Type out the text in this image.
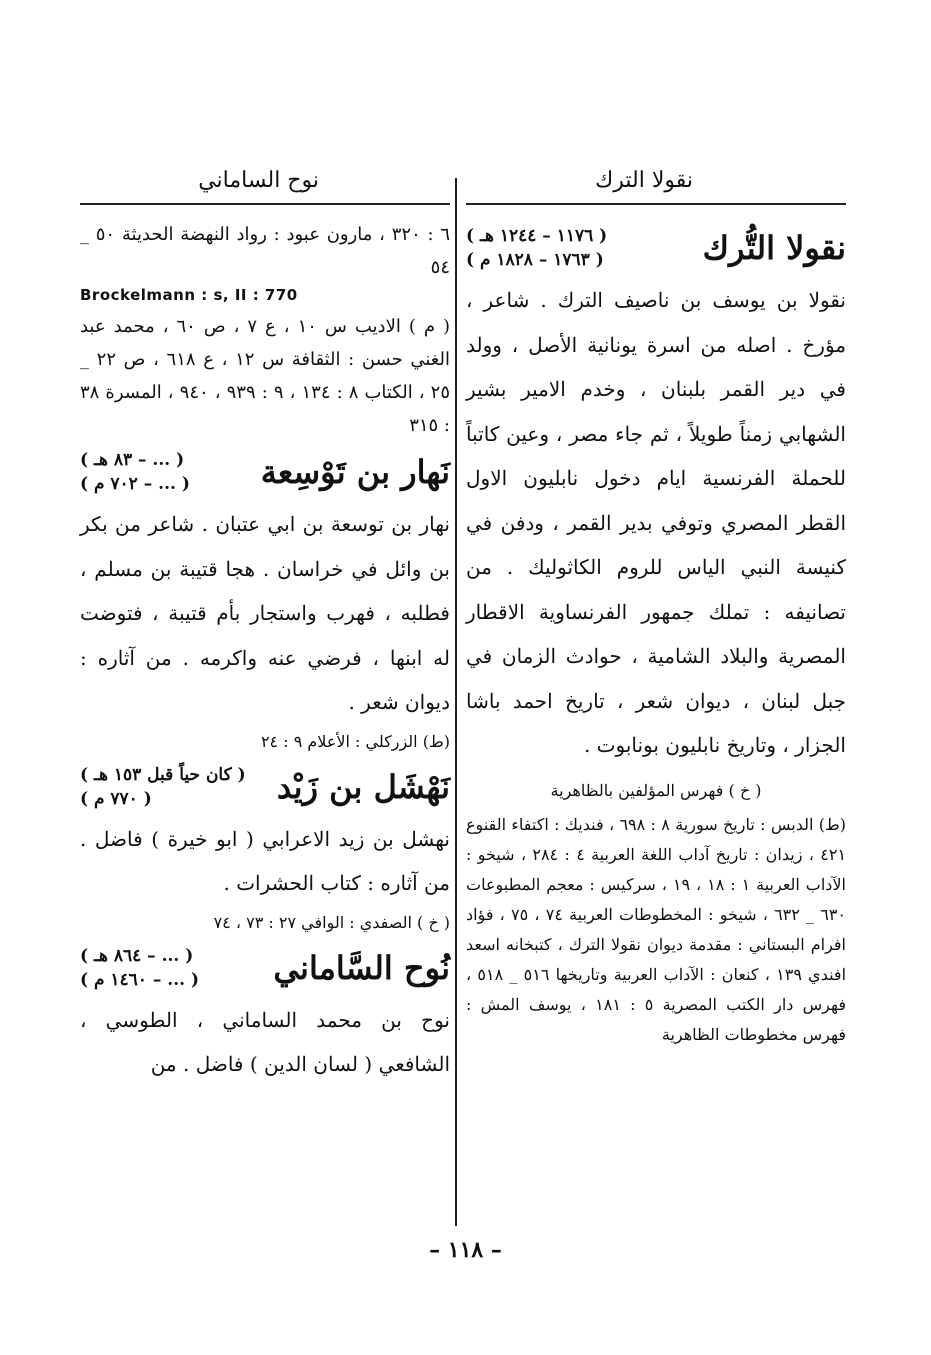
نقولا الترك
نوح الساماني
نقولا التُّرك
( ١١٧٦ – ١٢٤٤ هـ )
( ١٧٦٣ – ١٨٢٨ م )

نقولا بن يوسف بن ناصيف الترك . شاعر ، مؤرخ . اصله من اسرة يونانية الأصل ، وولد في دير القمر بلبنان ، وخدم الامير بشير الشهابي زمناً طويلاً ، ثم جاء مصر ، وعين كاتباً للحملة الفرنسية ايام دخول نابليون الاول القطر المصري وتوفي بدير القمر ، ودفن في كنيسة النبي الياس للروم الكاثوليك . من تصانيفه : تملك جمهور الفرنساوية الاقطار المصرية والبلاد الشامية ، حوادث الزمان في جبل لبنان ، ديوان شعر ، تاريخ احمد باشا الجزار ، وتاريخ نابليون بونابوت .

( خ ) فهرس المؤلفين بالظاهرية

(ط) الدبس : تاريخ سورية ٨ : ٦٩٨ ، فنديك : اكتفاء القنوع ٤٢١ ، زيدان : تاريخ آداب اللغة العربية ٤ : ٢٨٤ ، شيخو : الآداب العربية ١ : ١٨ ، ١٩ ، سركيس : معجم المطبوعات ٦٣٠ _ ٦٣٢ ، شيخو : المخطوطات العربية ٧٤ ، ٧٥ ، فؤاد افرام البستاني : مقدمة ديوان نقولا الترك ، كتبخانه اسعد افندي ١٣٩ ، كنعان : الآداب العربية وتاريخها ٥١٦ _ ٥١٨ ، فهرس دار الكتب المصرية ٥ : ١٨١ ، يوسف المش : فهرس مخطوطات الظاهرية

٦ : ٣٢٠ ، مارون عبود : رواد النهضة الحديثة ٥٠ _ ٥٤

Brockelmann : s, II : 770

( م ) الاديب س ١٠ ، ع ٧ ، ص ٦٠ ، محمد عبد الغني حسن : الثقافة س ١٢ ، ع ٦١٨ ، ص ٢٢ _ ٢٥ ، الكتاب ٨ : ١٣٤ ، ٩ : ٩٣٩ ، ٩٤٠ ، المسرة ٣٨ : ٣١٥

نَهار بن تَوْسِعة
( ... – ٨٣ هـ )
( ... – ٧٠٢ م )

نهار بن توسعة بن ابي عتبان . شاعر من بكر بن وائل في خراسان . هجا قتيبة بن مسلم ، فطلبه ، فهرب واستجار بأم قتيبة ، فتوضت له ابنها ، فرضي عنه واكرمه . من آثاره : ديوان شعر .

(ط) الزركلي : الأعلام ٩ : ٢٤

نَهْشَل بن زَيْد
( كان حياً قبل ١٥٣ هـ )
( ٧٧٠ م )

نهشل بن زيد الاعرابي ( ابو خيرة ) فاضل . من آثاره : كتاب الحشرات .

( خ ) الصفدي : الوافي ٢٧ : ٧٣ ، ٧٤

نُوح السَّاماني
( ... – ٨٦٤ هـ )
( ... – ١٤٦٠ م )

نوح بن محمد الساماني ، الطوسي ، الشافعي ( لسان الدين ) فاضل . من

– ١١٨ –
